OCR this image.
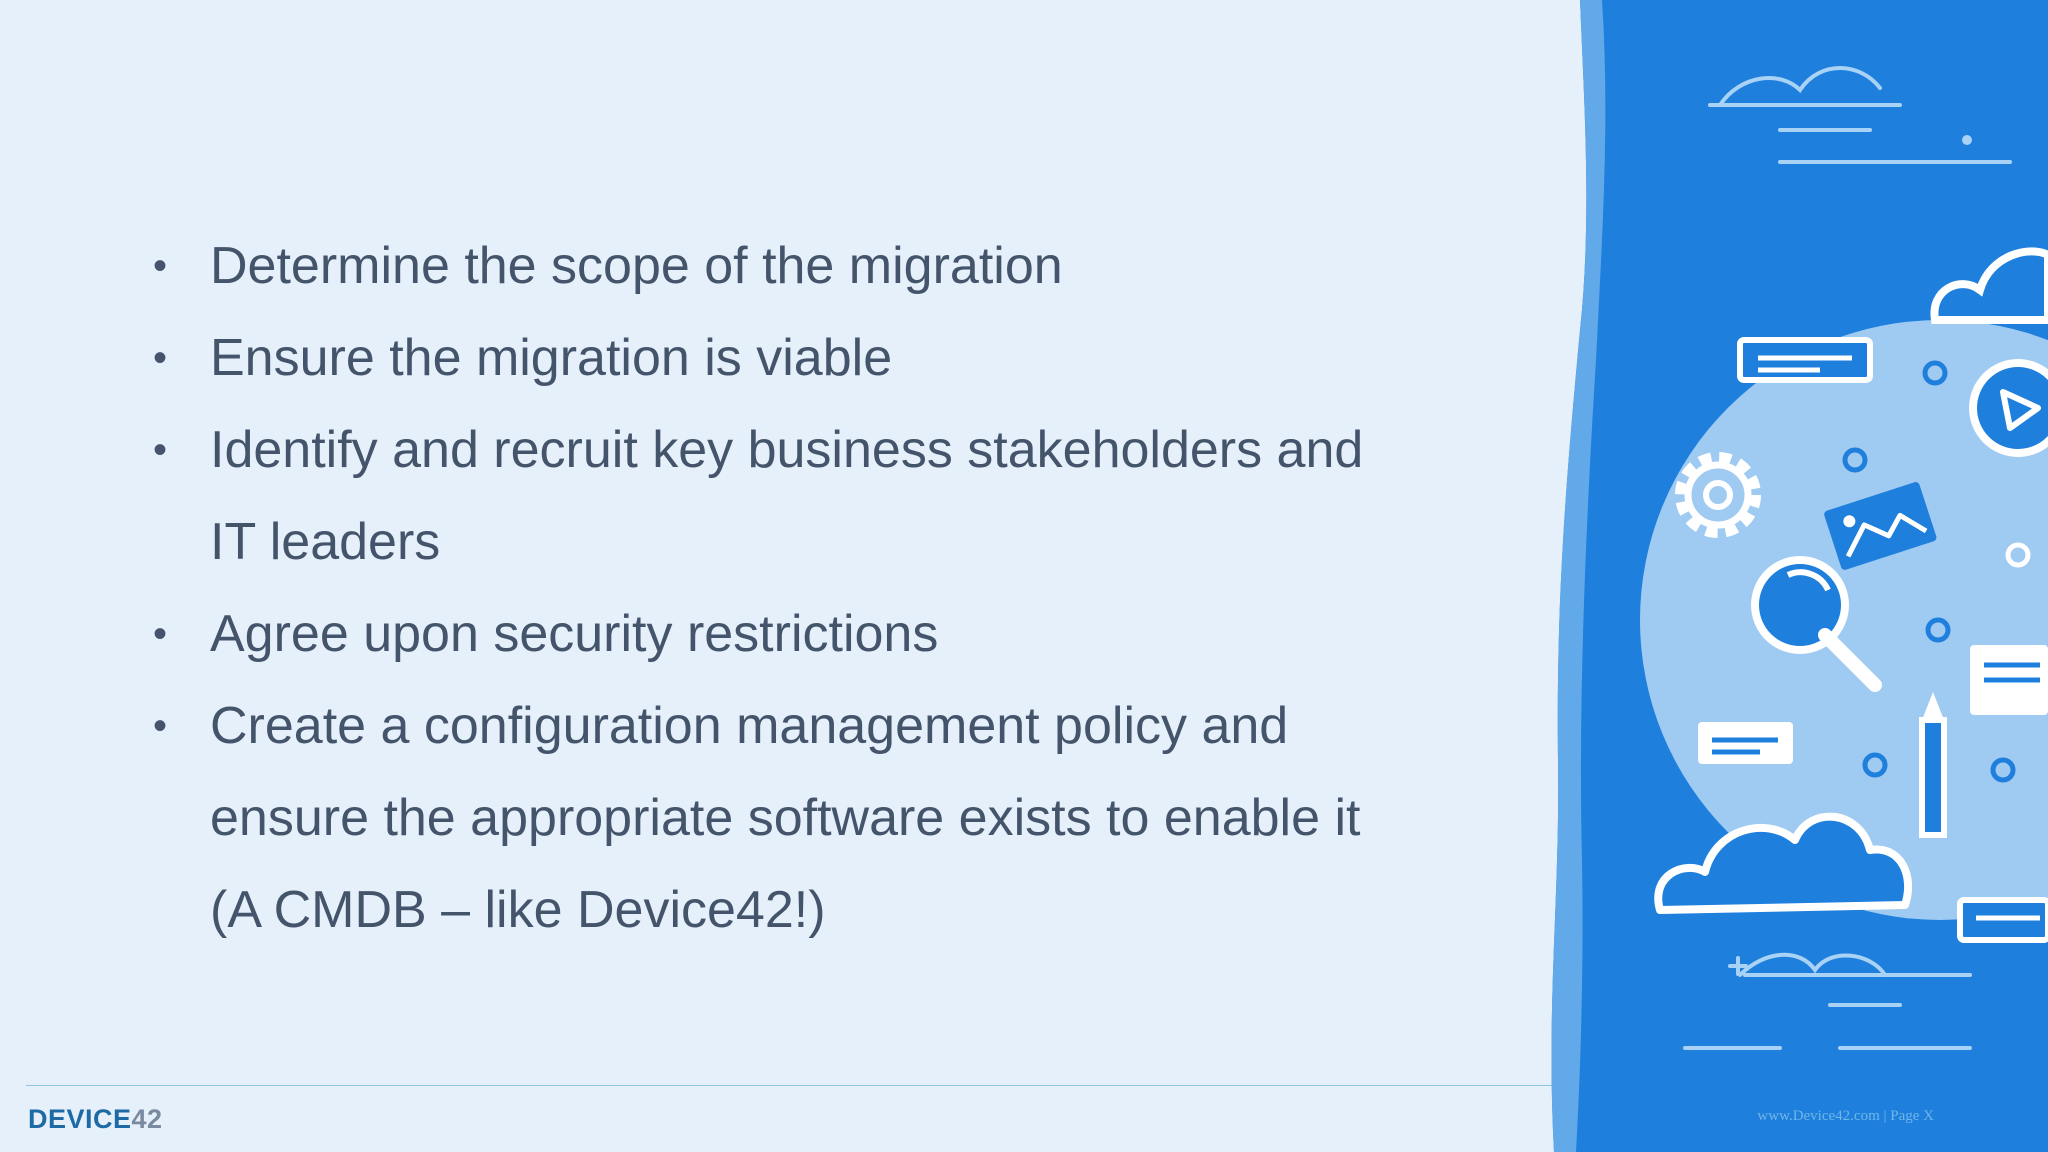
• Determine the scope of the migration
• Ensure the migration is viable
• Identify and recruit key business stakeholders and
IT leaders
• Agree upon security restrictions
• Create a configuration management policy and
ensure the appropriate software exists to enable it
(A CMDB – like Device42!)
DEVICE42	www.Device42.com | Page X
